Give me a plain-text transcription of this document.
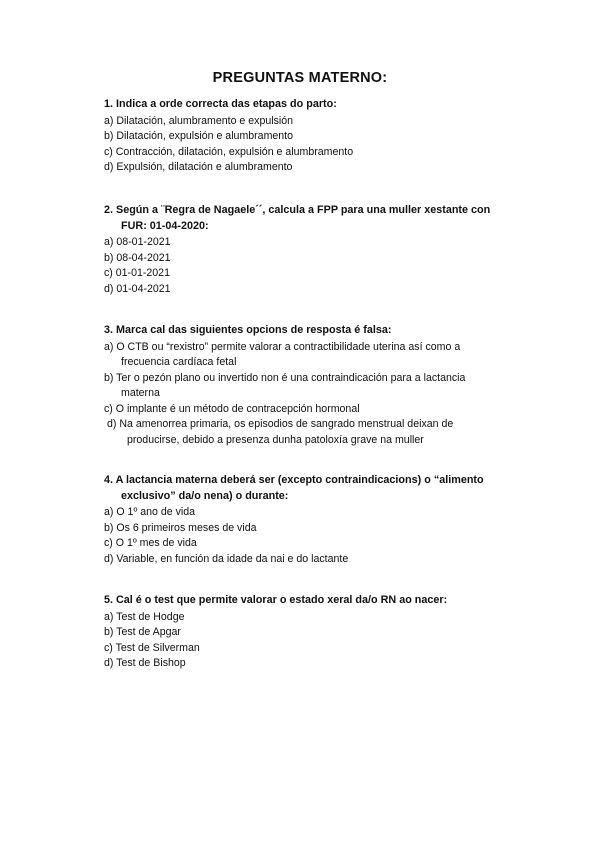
PREGUNTAS MATERNO:

1. Indica a orde correcta das etapas do parto:

a) Dilatación, alumbramento e expulsión

b) Dilatación, expulsión e alumbramento

c) Contracción, dilatación, expulsión e alumbramento

d) Expulsión, dilatación e alumbramento

2. Según a ¨Regra de Nagaele´´, calcula a FPP para una muller xestante con
FUR: 01-04-2020:

a) 08-01-2021

b) 08-04-2021

c) 01-01-2021

d) 01-04-2021

3. Marca cal das siguientes opcions de resposta é falsa:

a) O CTB ou “rexistro” permite valorar a contractibilidade uterina así como a
frecuencia cardíaca fetal

b) Ter o pezón plano ou invertido non é una contraindicación para a lactancia
materna

c) O implante é un método de contracepción hormonal

d) Na amenorrea primaria, os episodios de sangrado menstrual deixan de
producirse, debido a presenza dunha patoloxía grave na muller

4. A lactancia materna deberá ser (excepto contraindicacions) o “alimento
exclusivo” da/o nena) o durante:

a) O 1º ano de vida

b) Os 6 primeiros meses de vida

c) O 1º mes de vida

d) Variable, en función da idade da nai e do lactante

5. Cal é o test que permite valorar o estado xeral da/o RN ao nacer:

a) Test de Hodge

b) Test de Apgar

c) Test de Silverman

d) Test de Bishop
